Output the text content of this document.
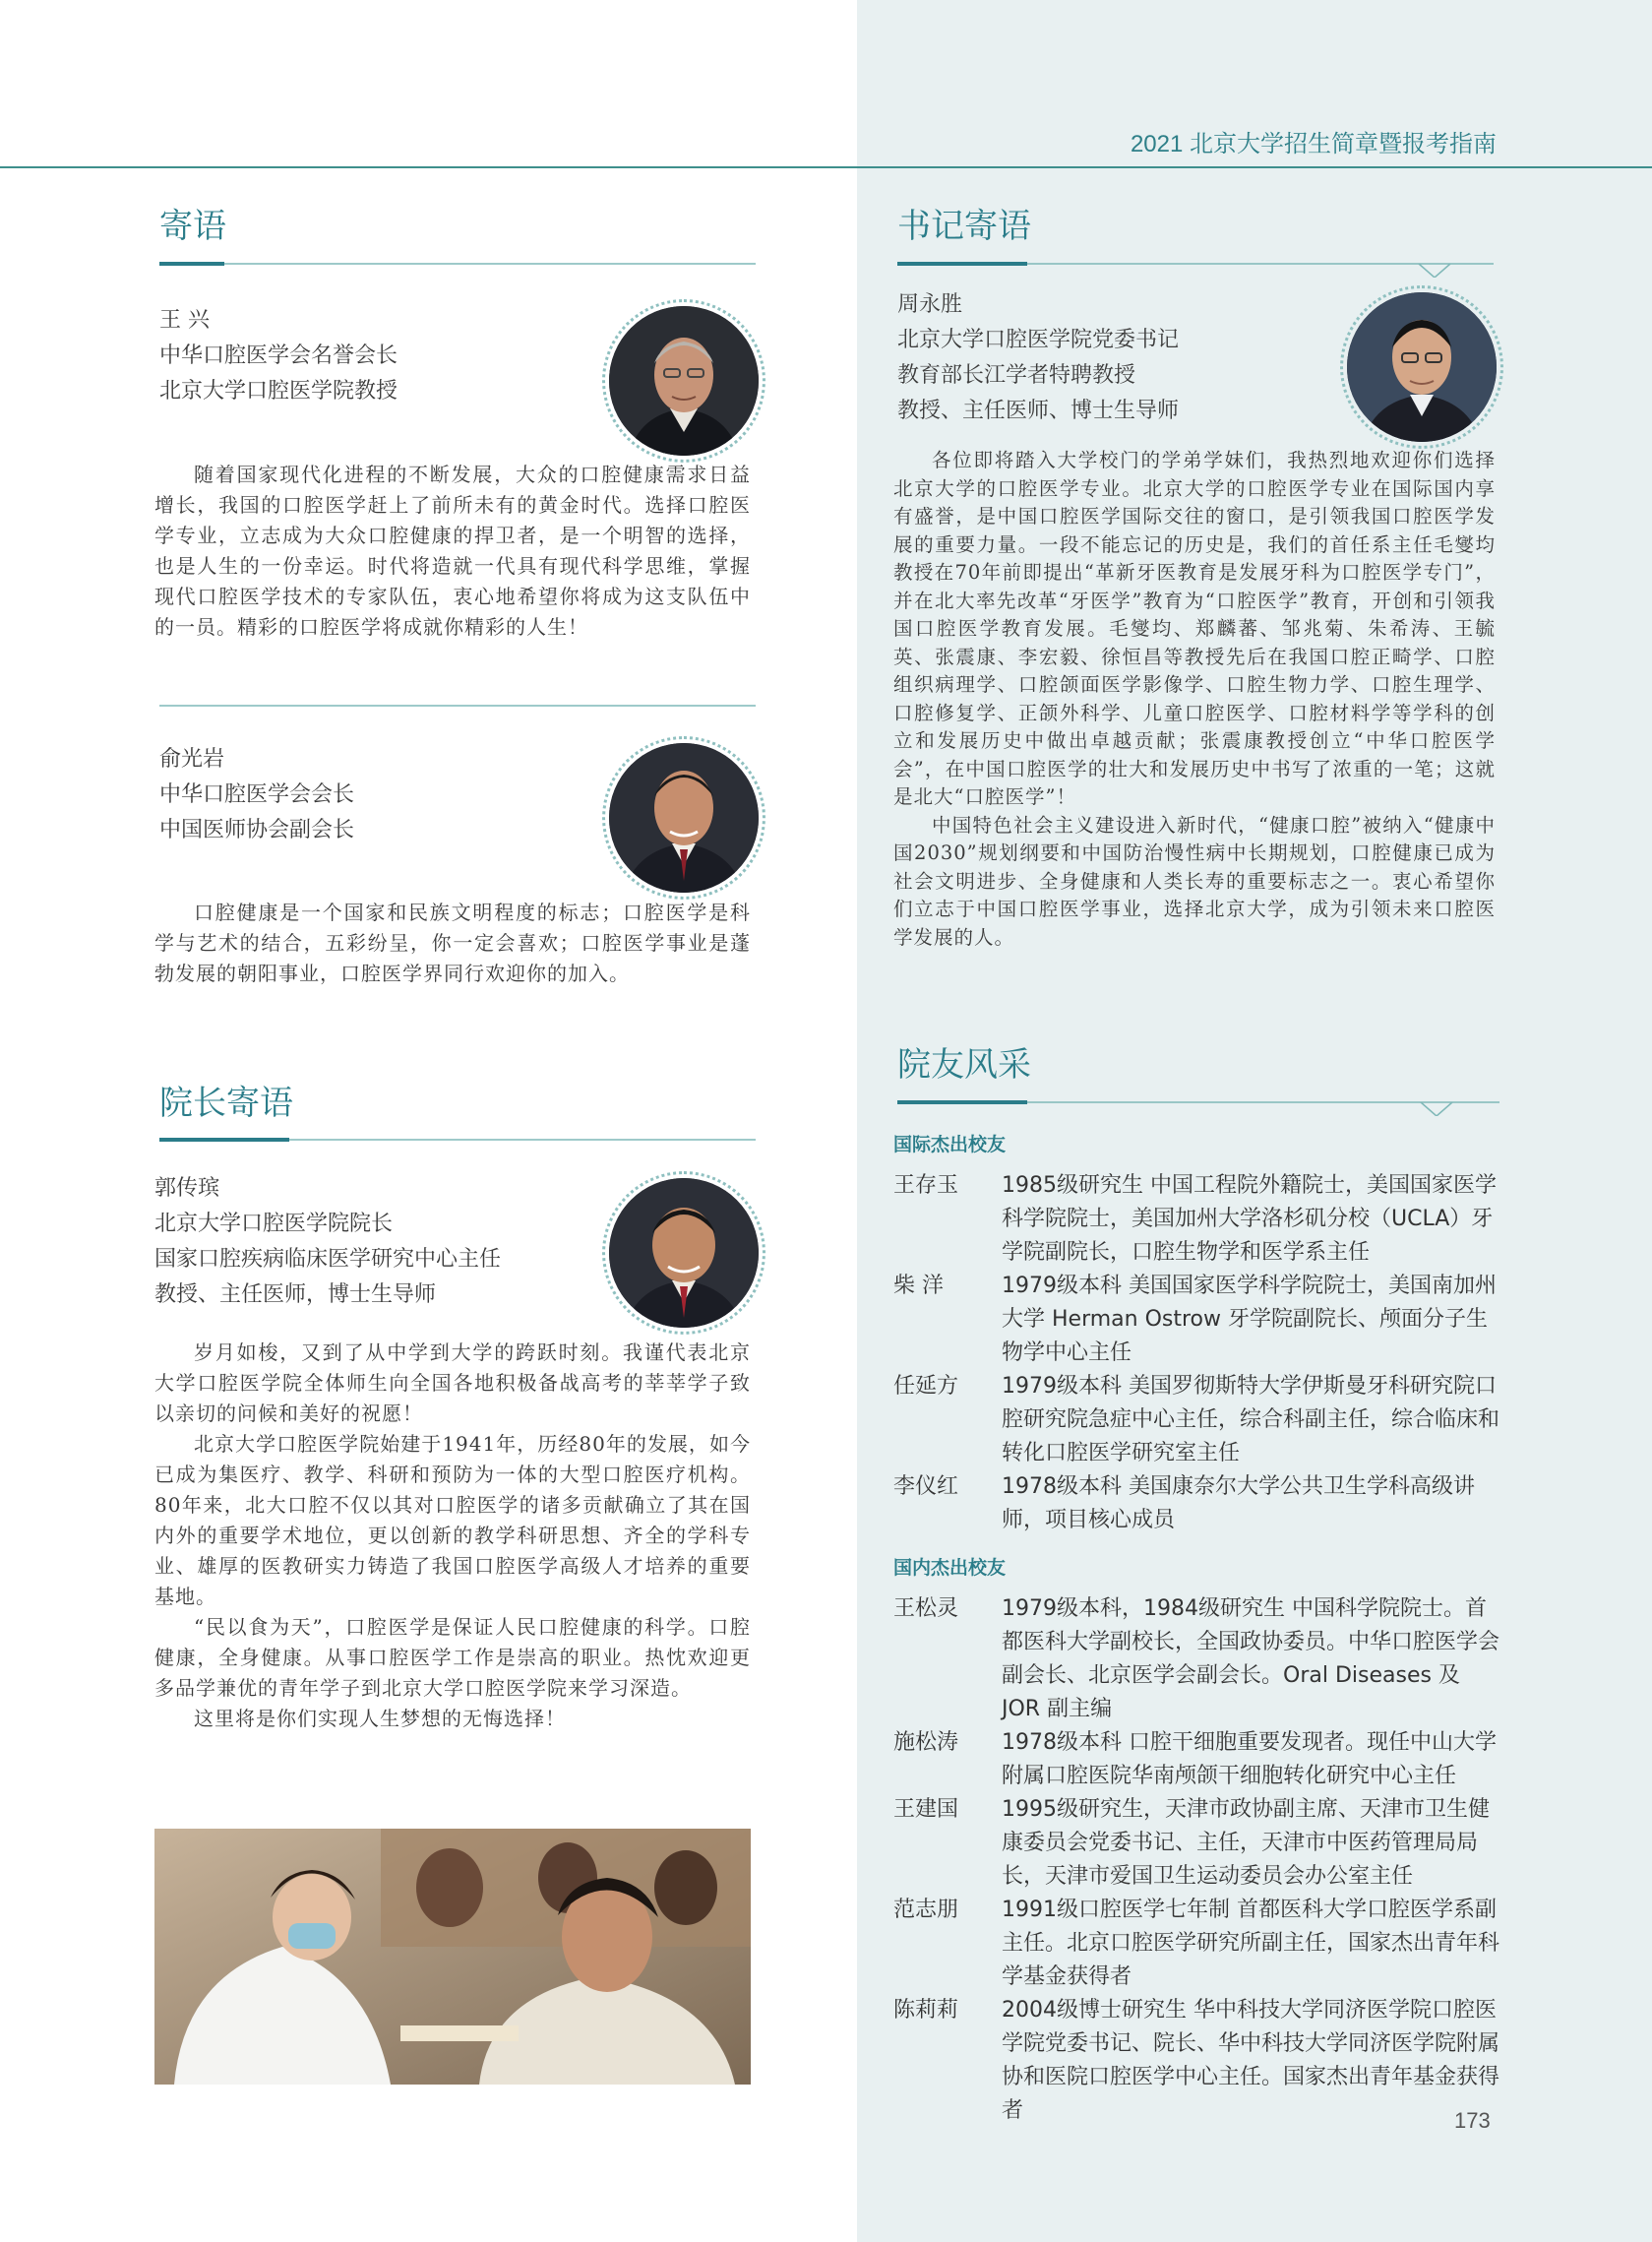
2021 北京大学招生简章暨报考指南
寄语
王 兴
中华口腔医学会名誉会长
北京大学口腔医学院教授

随着国家现代化进程的不断发展，大众的口腔健康需求日益增长，我国的口腔医学赶上了前所未有的黄金时代。选择口腔医学专业，立志成为大众口腔健康的捍卫者，是一个明智的选择，也是人生的一份幸运。时代将造就一代具有现代科学思维，掌握现代口腔医学技术的专家队伍，衷心地希望你将成为这支队伍中的一员。精彩的口腔医学将成就你精彩的人生！

俞光岩
中华口腔医学会会长
中国医师协会副会长

口腔健康是一个国家和民族文明程度的标志；口腔医学是科学与艺术的结合，五彩纷呈，你一定会喜欢；口腔医学事业是蓬勃发展的朝阳事业，口腔医学界同行欢迎你的加入。

院长寄语
郭传瑸
北京大学口腔医学院院长
国家口腔疾病临床医学研究中心主任
教授、主任医师，博士生导师

岁月如梭，又到了从中学到大学的跨跃时刻。我谨代表北京大学口腔医学院全体师生向全国各地积极备战高考的莘莘学子致以亲切的问候和美好的祝愿！

北京大学口腔医学院始建于1941年，历经80年的发展，如今已成为集医疗、教学、科研和预防为一体的大型口腔医疗机构。80年来，北大口腔不仅以其对口腔医学的诸多贡献确立了其在国内外的重要学术地位，更以创新的教学科研思想、齐全的学科专业、雄厚的医教研实力铸造了我国口腔医学高级人才培养的重要基地。

“民以食为天”，口腔医学是保证人民口腔健康的科学。口腔健康，全身健康。从事口腔医学工作是崇高的职业。热忱欢迎更多品学兼优的青年学子到北京大学口腔医学院来学习深造。

这里将是你们实现人生梦想的无悔选择！

书记寄语
周永胜
北京大学口腔医学院党委书记
教育部长江学者特聘教授
教授、主任医师、博士生导师

各位即将踏入大学校门的学弟学妹们，我热烈地欢迎你们选择北京大学的口腔医学专业。北京大学的口腔医学专业在国际国内享有盛誉，是中国口腔医学国际交往的窗口，是引领我国口腔医学发展的重要力量。一段不能忘记的历史是，我们的首任系主任毛燮均教授在70年前即提出“革新牙医教育是发展牙科为口腔医学专门”，并在北大率先改革“牙医学”教育为“口腔医学”教育，开创和引领我国口腔医学教育发展。毛燮均、郑麟蕃、邹兆菊、朱希涛、王毓英、张震康、李宏毅、徐恒昌等教授先后在我国口腔正畸学、口腔组织病理学、口腔颌面医学影像学、口腔生物力学、口腔生理学、口腔修复学、正颌外科学、儿童口腔医学、口腔材料学等学科的创立和发展历史中做出卓越贡献；张震康教授创立“中华口腔医学会”，在中国口腔医学的壮大和发展历史中书写了浓重的一笔；这就是北大“口腔医学”！

中国特色社会主义建设进入新时代，“健康口腔”被纳入“健康中国2030”规划纲要和中国防治慢性病中长期规划，口腔健康已成为社会文明进步、全身健康和人类长寿的重要标志之一。衷心希望你们立志于中国口腔医学事业，选择北京大学，成为引领未来口腔医学发展的人。

院友风采
国际杰出校友
王存玉	1985级研究生 中国工程院外籍院士，美国国家医学科学院院士，美国加州大学洛杉矶分校（UCLA）牙学院副院长，口腔生物学和医学系主任
柴 洋	1979级本科 美国国家医学科学院院士，美国南加州大学 Herman Ostrow 牙学院副院长、颅面分子生物学中心主任
任延方	1979级本科 美国罗彻斯特大学伊斯曼牙科研究院口腔研究院急症中心主任，综合科副主任，综合临床和转化口腔医学研究室主任
李仪红	1978级本科 美国康奈尔大学公共卫生学科高级讲师，项目核心成员
国内杰出校友
王松灵	1979级本科，1984级研究生 中国科学院院士。首都医科大学副校长，全国政协委员。中华口腔医学会副会长、北京医学会副会长。Oral Diseases 及 JOR 副主编
施松涛	1978级本科 口腔干细胞重要发现者。现任中山大学附属口腔医院华南颅颌干细胞转化研究中心主任
王建国	1995级研究生，天津市政协副主席、天津市卫生健康委员会党委书记、主任，天津市中医药管理局局长，天津市爱国卫生运动委员会办公室主任
范志朋	1991级口腔医学七年制 首都医科大学口腔医学系副主任。北京口腔医学研究所副主任，国家杰出青年科学基金获得者
陈莉莉	2004级博士研究生 华中科技大学同济医学院口腔医学院党委书记、院长、华中科技大学同济医学院附属协和医院口腔医学中心主任。国家杰出青年基金获得者	173
